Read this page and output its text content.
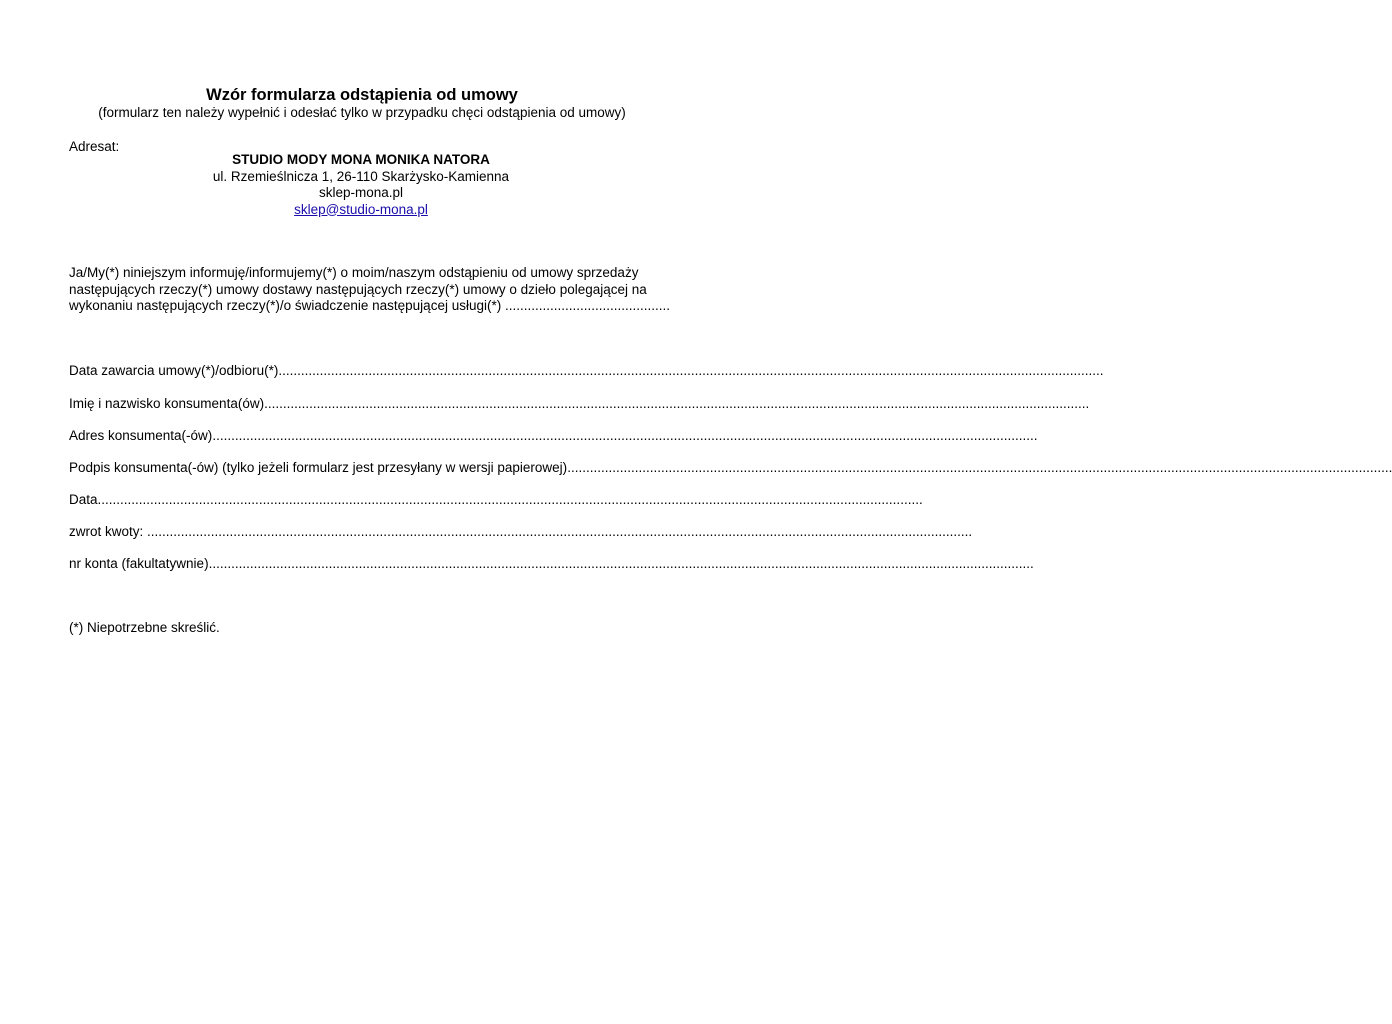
Wzór formularza odstąpienia od umowy
(formularz ten należy wypełnić i odesłać tylko w przypadku chęci odstąpienia od umowy)
Adresat:
STUDIO MODY MONA MONIKA NATORA
ul. Rzemieślnicza 1, 26-110 Skarżysko-Kamienna
sklep-mona.pl
sklep@studio-mona.pl
Ja/My(*) niniejszym informuję/informujemy(*) o moim/naszym odstąpieniu od umowy sprzedaży
następujących rzeczy(*) umowy dostawy następujących rzeczy(*) umowy o dzieło polegającej na
wykonaniu następujących rzeczy(*)/o świadczenie następującej usługi(*) ............................................
Data zawarcia umowy(*)/odbioru(*)............................................................................................................................................................................................................................
Imię i nazwisko konsumenta(ów)............................................................................................................................................................................................................................
Adres konsumenta(-ów)............................................................................................................................................................................................................................
Podpis konsumenta(-ów) (tylko jeżeli formularz jest przesyłany w wersji papierowej)............................................................................................................................................................................................................................
Data............................................................................................................................................................................................................................
zwrot kwoty: ............................................................................................................................................................................................................................
nr konta (fakultatywnie)............................................................................................................................................................................................................................
(*) Niepotrzebne skreślić.
